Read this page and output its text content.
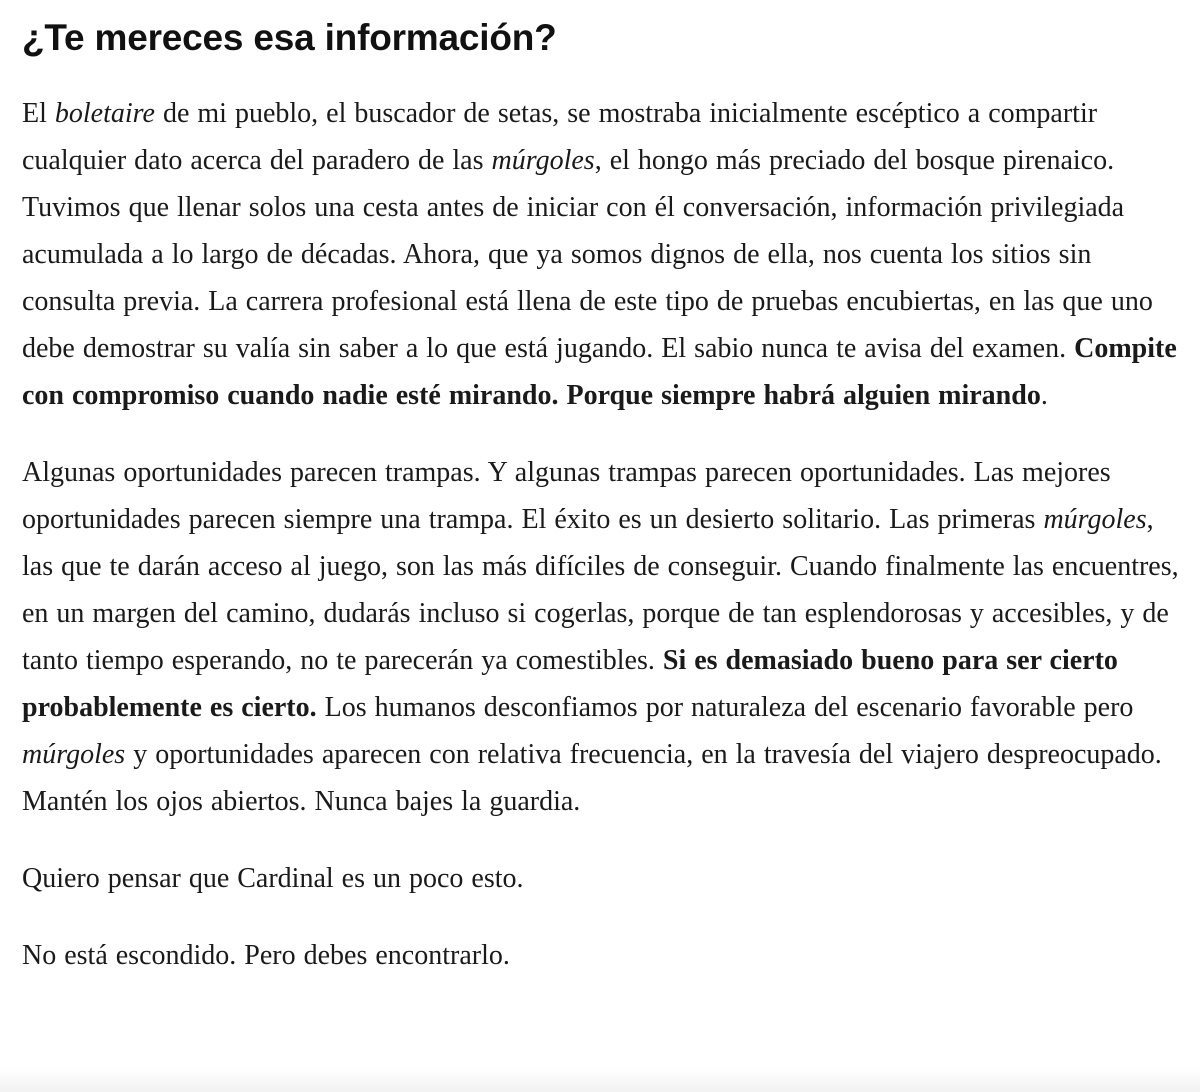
¿Te mereces esa información?

El boletaire de mi pueblo, el buscador de setas, se mostraba inicialmente escéptico a compartir cualquier dato acerca del paradero de las múrgoles, el hongo más preciado del bosque pirenaico. Tuvimos que llenar solos una cesta antes de iniciar con él conversación, información privilegiada acumulada a lo largo de décadas. Ahora, que ya somos dignos de ella, nos cuenta los sitios sin consulta previa. La carrera profesional está llena de este tipo de pruebas encubiertas, en las que uno debe demostrar su valía sin saber a lo que está jugando. El sabio nunca te avisa del examen. Compite con compromiso cuando nadie esté mirando. Porque siempre habrá alguien mirando.

Algunas oportunidades parecen trampas. Y algunas trampas parecen oportunidades. Las mejores oportunidades parecen siempre una trampa. El éxito es un desierto solitario. Las primeras múrgoles, las que te darán acceso al juego, son las más difíciles de conseguir. Cuando finalmente las encuentres, en un margen del camino, dudarás incluso si cogerlas, porque de tan esplendorosas y accesibles, y de tanto tiempo esperando, no te parecerán ya comestibles. Si es demasiado bueno para ser cierto probablemente es cierto. Los humanos desconfiamos por naturaleza del escenario favorable pero múrgoles y oportunidades aparecen con relativa frecuencia, en la travesía del viajero despreocupado. Mantén los ojos abiertos. Nunca bajes la guardia.

Quiero pensar que Cardinal es un poco esto.

No está escondido. Pero debes encontrarlo.
